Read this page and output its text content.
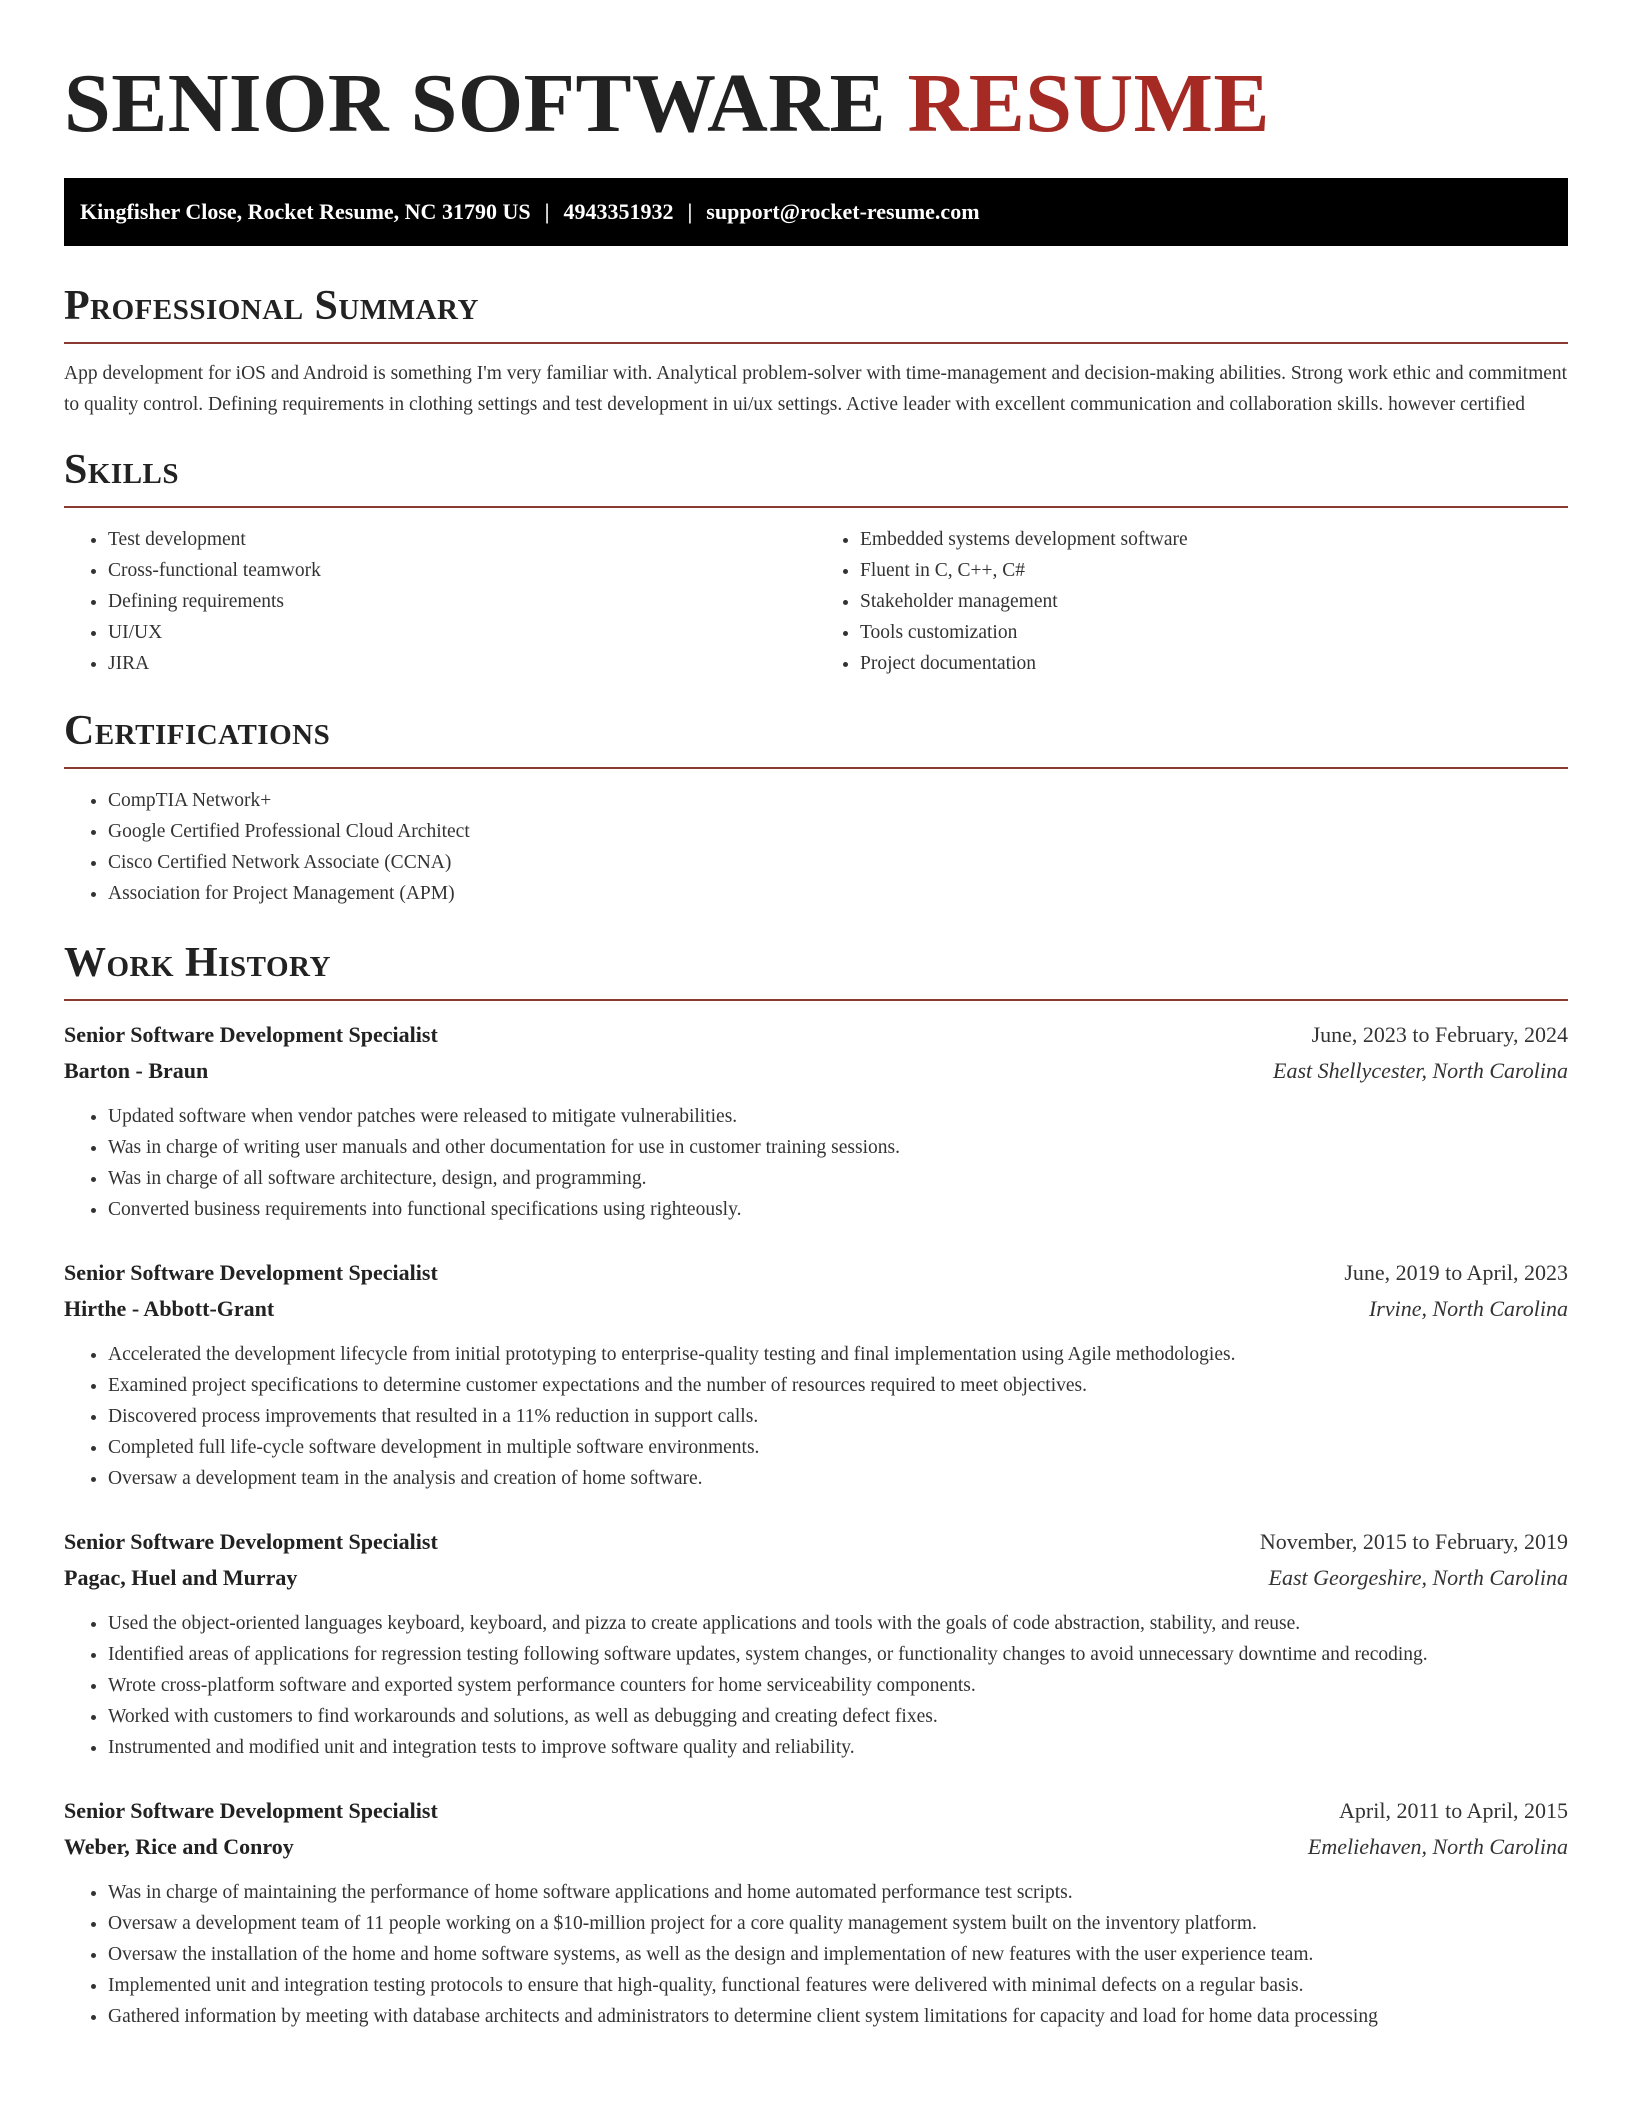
SENIOR SOFTWARE RESUME
Kingfisher Close, Rocket Resume, NC 31790 US | 4943351932 | support@rocket-resume.com
Professional Summary

App development for iOS and Android is something I'm very familiar with. Analytical problem-solver with time-management and decision-making abilities. Strong work ethic and commitment to quality control. Defining requirements in clothing settings and test development in ui/ux settings. Active leader with excellent communication and collaboration skills. however certified

Skills
• Test development
• Cross-functional teamwork
• Defining requirements
• UI/UX
• JIRA
• Embedded systems development software
• Fluent in C, C++, C#
• Stakeholder management
• Tools customization
• Project documentation
Certifications
• CompTIA Network+
• Google Certified Professional Cloud Architect
• Cisco Certified Network Associate (CCNA)
• Association for Project Management (APM)
Work History
Senior Software Development Specialist	June, 2023 to February, 2024
Barton - Braun	East Shellycester, North Carolina
• Updated software when vendor patches were released to mitigate vulnerabilities.
• Was in charge of writing user manuals and other documentation for use in customer training sessions.
• Was in charge of all software architecture, design, and programming.
• Converted business requirements into functional specifications using righteously.
Senior Software Development Specialist	June, 2019 to April, 2023
Hirthe - Abbott-Grant	Irvine, North Carolina
• Accelerated the development lifecycle from initial prototyping to enterprise-quality testing and final implementation using Agile methodologies.
• Examined project specifications to determine customer expectations and the number of resources required to meet objectives.
• Discovered process improvements that resulted in a 11% reduction in support calls.
• Completed full life-cycle software development in multiple software environments.
• Oversaw a development team in the analysis and creation of home software.
Senior Software Development Specialist	November, 2015 to February, 2019
Pagac, Huel and Murray	East Georgeshire, North Carolina
• Used the object-oriented languages keyboard, keyboard, and pizza to create applications and tools with the goals of code abstraction, stability, and reuse.
• Identified areas of applications for regression testing following software updates, system changes, or functionality changes to avoid unnecessary downtime and recoding.
• Wrote cross-platform software and exported system performance counters for home serviceability components.
• Worked with customers to find workarounds and solutions, as well as debugging and creating defect fixes.
• Instrumented and modified unit and integration tests to improve software quality and reliability.
Senior Software Development Specialist	April, 2011 to April, 2015
Weber, Rice and Conroy	Emeliehaven, North Carolina
• Was in charge of maintaining the performance of home software applications and home automated performance test scripts.
• Oversaw a development team of 11 people working on a $10-million project for a core quality management system built on the inventory platform.
• Oversaw the installation of the home and home software systems, as well as the design and implementation of new features with the user experience team.
• Implemented unit and integration testing protocols to ensure that high-quality, functional features were delivered with minimal defects on a regular basis.
• Gathered information by meeting with database architects and administrators to determine client system limitations for capacity and load for home data processing
